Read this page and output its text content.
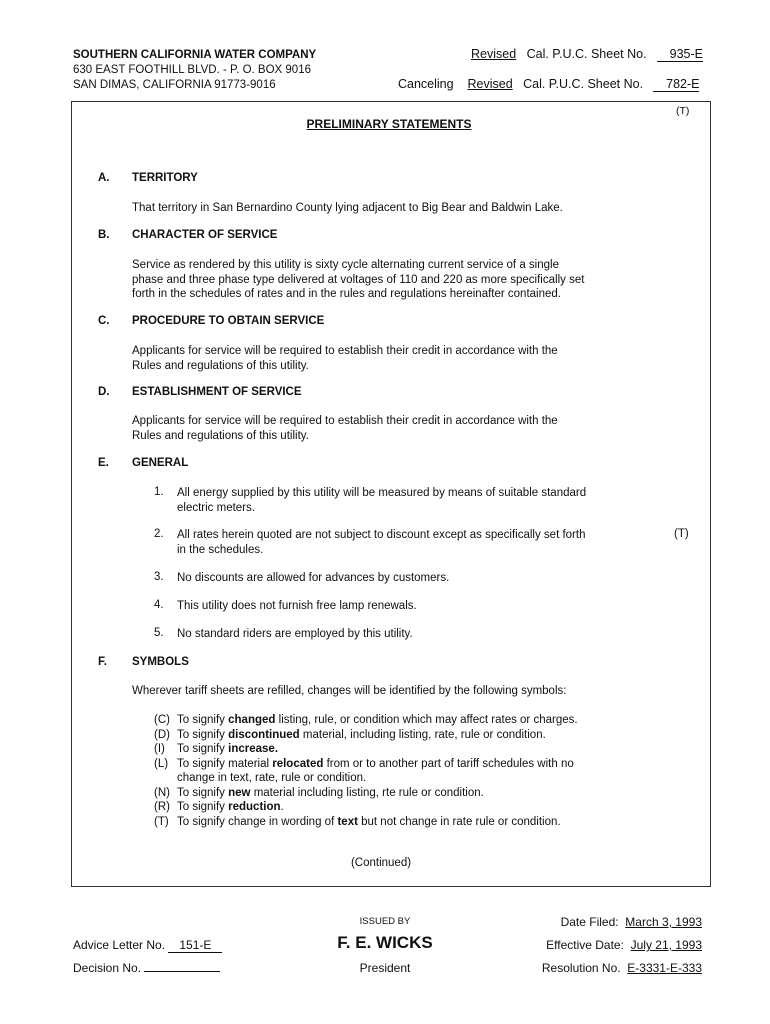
SOUTHERN CALIFORNIA WATER COMPANY
630 EAST FOOTHILL BLVD. - P. O. BOX 9016
SAN DIMAS, CALIFORNIA 91773-9016
Revised Cal. P.U.C. Sheet No. 935-E
Canceling Revised Cal. P.U.C. Sheet No. 782-E
(T)
PRELIMINARY STATEMENTS
A. TERRITORY
That territory in San Bernardino County lying adjacent to Big Bear and Baldwin Lake.
B. CHARACTER OF SERVICE
Service as rendered by this utility is sixty cycle alternating current service of a single
phase and three phase type delivered at voltages of 110 and 220 as more specifically set
forth in the schedules of rates and in the rules and regulations hereinafter contained.
C. PROCEDURE TO OBTAIN SERVICE
Applicants for service will be required to establish their credit in accordance with the
Rules and regulations of this utility.
D. ESTABLISHMENT OF SERVICE
Applicants for service will be required to establish their credit in accordance with the
Rules and regulations of this utility.
E. GENERAL
1. All energy supplied by this utility will be measured by means of suitable standard
electric meters.
2. All rates herein quoted are not subject to discount except as specifically set forth
in the schedules.
(T)
3. No discounts are allowed for advances by customers.
4. This utility does not furnish free lamp renewals.
5. No standard riders are employed by this utility.
F. SYMBOLS
Wherever tariff sheets are refilled, changes will be identified by the following symbols:
(C) To signify changed listing, rule, or condition which may affect rates or charges.
(D) To signify discontinued material, including listing, rate, rule or condition.
(I) To signify increase.
(L) To signify material relocated from or to another part of tariff schedules with no
change in text, rate, rule or condition.
(N) To signify new material including listing, rte rule or condition.
(R) To signify reduction.
(T) To signify change in wording of text but not change in rate rule or condition.
(Continued)
ISSUED BY
F. E. WICKS
President
Advice Letter No. 151-E
Decision No.
Date Filed: March 3, 1993
Effective Date: July 21, 1993
Resolution No. E-3331-E-333
